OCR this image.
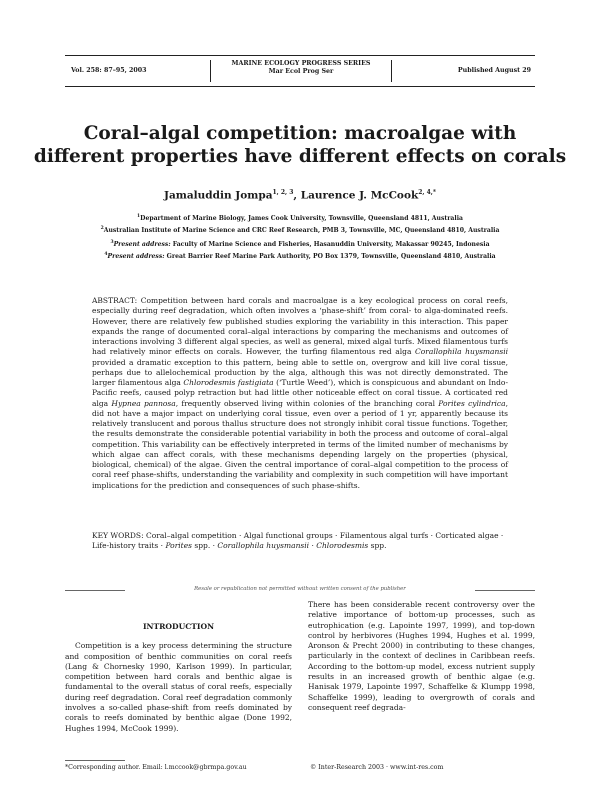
Vol. 258: 87–95, 2003
MARINE ECOLOGY PROGRESS SERIES
Mar Ecol Prog Ser	Published August 29
Coral–algal competition: macroalgae with
different properties have different effects on corals
Jamaluddin Jompa$^{1, 2, 3}$, Laurence J. McCook$^{2, 4,*}$
$^1$Department of Marine Biology, James Cook University, Townsville, Queensland 4811, Australia
$^2$Australian Institute of Marine Science and CRC Reef Research, PMB 3, Townsville, MC, Queensland 4810, Australia
$^3$Present address: Faculty of Marine Science and Fisheries, Hasanuddin University, Makassar 90245, Indonesia
$^4$Present address: Great Barrier Reef Marine Park Authority, PO Box 1379, Townsville, Queensland 4810, Australia
ABSTRACT: Competition between hard corals and macroalgae is a key ecological process on coral reefs, especially during reef degradation, which often involves a ‘phase-shift’ from coral- to alga-dominated reefs. However, there are relatively few published studies exploring the variability in this interaction. This paper expands the range of documented coral–algal interactions by comparing the mechanisms and outcomes of interactions involving 3 different algal species, as well as general, mixed algal turfs. Mixed filamentous turfs had relatively minor effects on corals. However, the turfing filamentous red alga Corallophila huysmansii provided a dramatic exception to this pattern, being able to settle on, overgrow and kill live coral tissue, perhaps due to allelochemical production by the alga, although this was not directly demonstrated. The larger filamentous alga Chlorodesmis fastigiata (‘Turtle Weed’), which is conspicuous and abundant on Indo-Pacific reefs, caused polyp retraction but had little other noticeable effect on coral tissue. A corticated red alga Hypnea pannosa, frequently observed living within colonies of the branching coral Porites cylindrica, did not have a major impact on underlying coral tissue, even over a period of 1 yr, apparently because its relatively translucent and porous thallus structure does not strongly inhibit coral tissue functions. Together, the results demonstrate the considerable potential variability in both the process and outcome of coral–algal competition. This variability can be effectively interpreted in terms of the limited number of mechanisms by which algae can affect corals, with these mechanisms depending largely on the properties (physical, biological, chemical) of the algae. Given the central importance of coral–algal competition to the process of coral reef phase-shifts, understanding the variability and complexity in such competition will have important implications for the prediction and consequences of such phase-shifts.
KEY WORDS: Coral–algal competition · Algal functional groups · Filamentous algal turfs · Corticated algae · Life-history traits · Porites spp. · Corallophila huysmansii · Chlorodesmis spp.
Resale or republication not permitted without written consent of the publisher
INTRODUCTION
Competition is a key process determining the structure and composition of benthic communities on coral reefs (Lang & Chornesky 1990, Karlson 1999). In particular, competition between hard corals and benthic algae is fundamental to the overall status of coral reefs, especially during reef degradation. Coral reef degradation commonly involves a so-called phase-shift from reefs dominated by corals to reefs dominated by benthic algae (Done 1992, Hughes 1994, McCook 1999).
There has been considerable recent controversy over the relative importance of bottom-up processes, such as eutrophication (e.g. Lapointe 1997, 1999), and top-down control by herbivores (Hughes 1994, Hughes et al. 1999, Aronson & Precht 2000) in contributing to these changes, particularly in the context of declines in Caribbean reefs. According to the bottom-up model, excess nutrient supply results in an increased growth of benthic algae (e.g. Hanisak 1979, Lapointe 1997, Schaffelke & Klumpp 1998, Schaffelke 1999), leading to overgrowth of corals and consequent reef degrada-
*Corresponding author. Email: l.mccook@gbrmpa.gov.au	© Inter-Research 2003 · www.int-res.com
